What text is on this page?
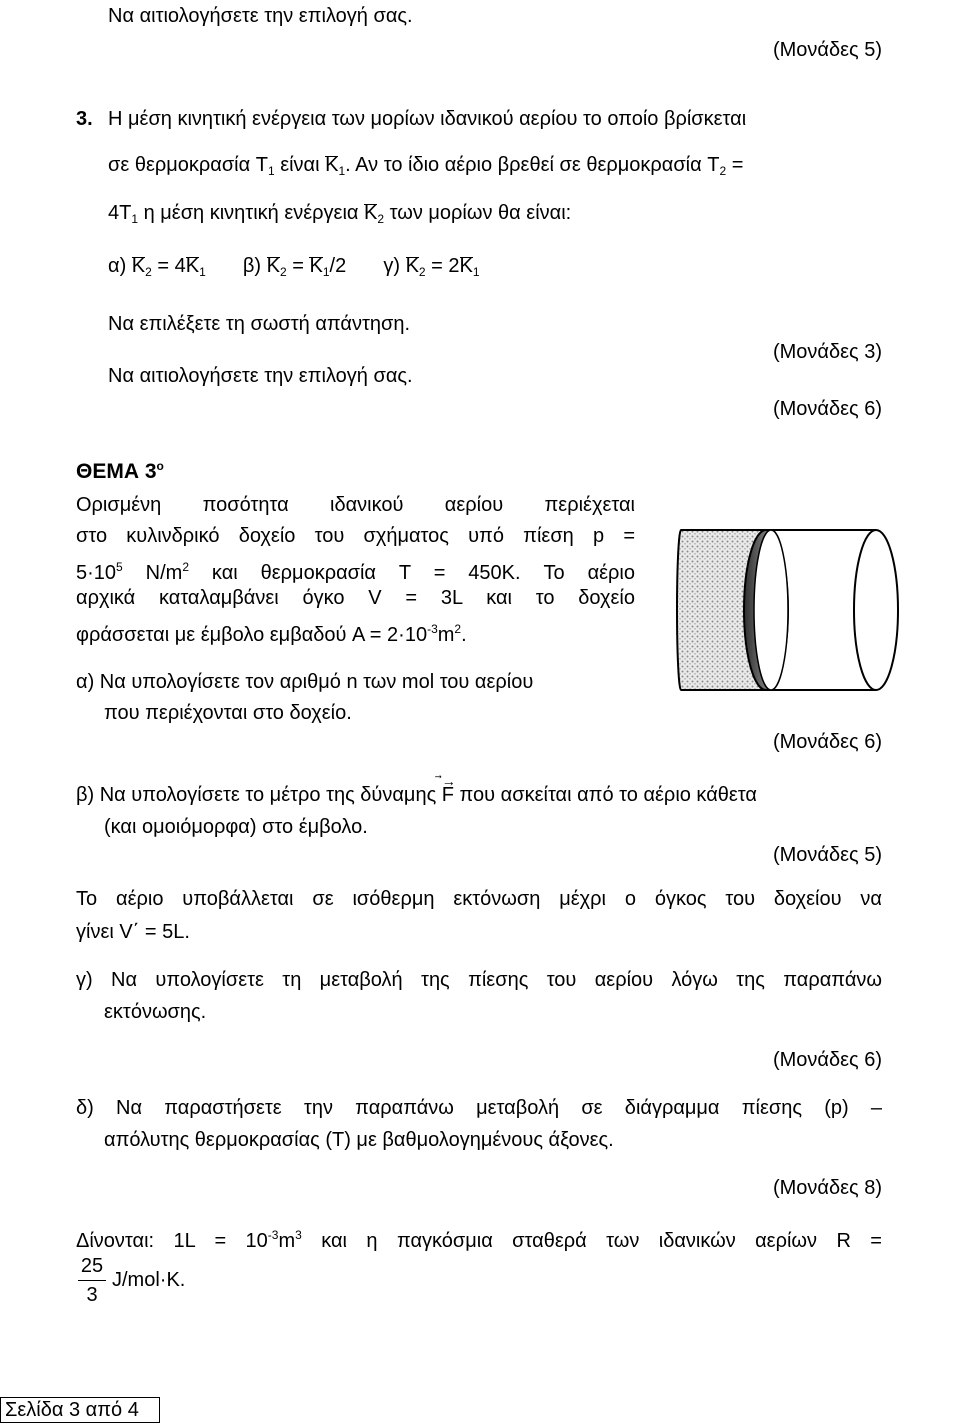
Να αιτιολογήσετε την επιλογή σας.
(Μονάδες 5)
3. Η μέση κινητική ενέργεια των μορίων ιδανικού αερίου το οποίο βρίσκεται
σε θερμοκρασία $T_1$ είναι $K_1$. Αν το ίδιο αέριο βρεθεί σε θερμοκρασία $T_2$ =
$4T_1$ η μέση κινητική ενέργεια $K_2$ των μορίων θα είναι:
α) $K_2 = 4K_1$ β) $K_2 = K_1/2$ γ) $K_2 = 2K_1$
Να επιλέξετε τη σωστή απάντηση.
(Μονάδες 3)
Να αιτιολογήσετε την επιλογή σας.
(Μονάδες 6)
ΘΕΜΑ $3^o$
Ορισμένη ποσότητα ιδανικού αερίου περιέχεται
στο κυλινδρικό δοχείο του σχήματος υπό πίεση p =
$5\cdot 10^5$ $N/m^2$ και θερμοκρασία T = 450K. Το αέριο
αρχικά καταλαμβάνει όγκο V = 3L και το δοχείο
φράσσεται με έμβολο εμβαδού $A = 2\cdot 10^{-3}m^2$.
α) Να υπολογίσετε τον αριθμό n των mol του αερίου
που περιέχονται στο δοχείο.
(Μονάδες 6)
β) Να υπολογίσετε το μέτρο της δύναμης
⃗→
F που ασκείται από το αέριο κάθετα
(και ομοιόμορφα) στο έμβολο.
(Μονάδες 5)
Το αέριο υποβάλλεται σε ισόθερμη εκτόνωση μέχρι ο όγκος του δοχείου να
γίνει V΄ = 5L.
γ) Να υπολογίσετε τη μεταβολή της πίεσης του αερίου λόγω της παραπάνω
εκτόνωσης.
(Μονάδες 6)
δ) Να παραστήσετε την παραπάνω μεταβολή σε διάγραμμα πίεσης (p) –
απόλυτης θερμοκρασίας (T) με βαθμολογημένους άξονες.
(Μονάδες 8)
Δίνονται: $1L = 10^{-3}m^3$ και η παγκόσμια σταθερά των ιδανικών αερίων R =
25
3
J/mol·K.
Σελίδα 3 από 4
